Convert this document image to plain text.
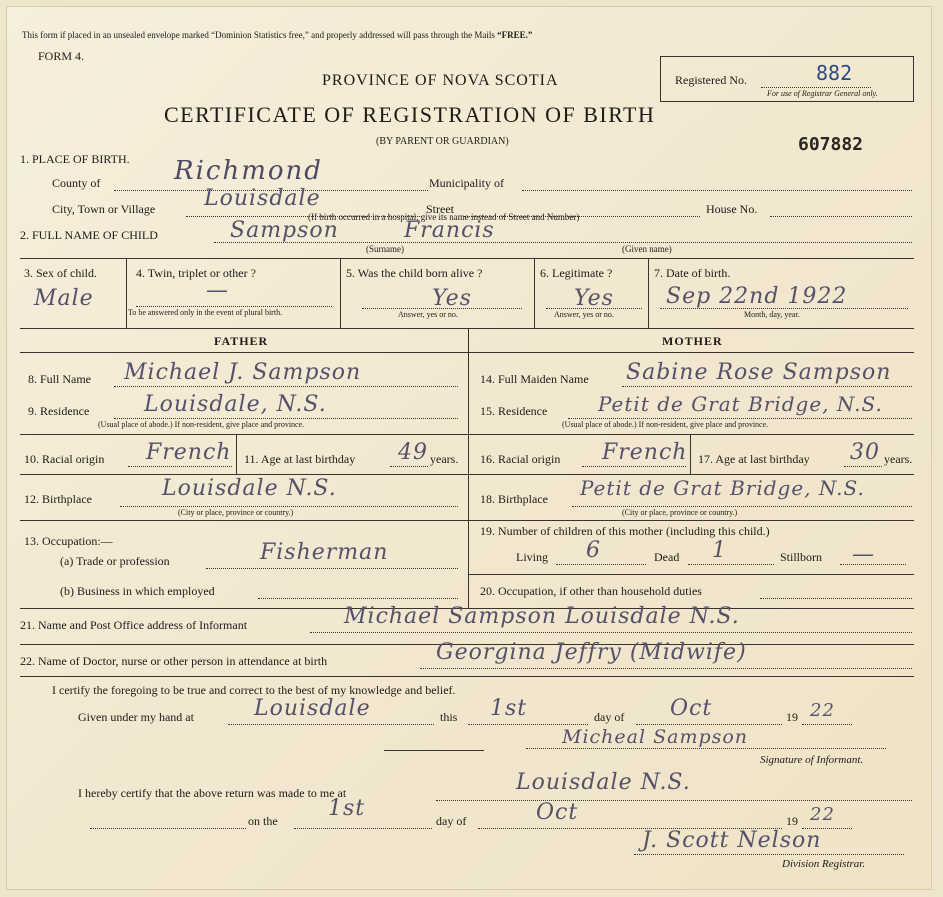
This form if placed in an unsealed envelope marked “Dominion Statistics free,” and properly addressed will pass through the Mails “FREE.”
FORM 4.
PROVINCE OF NOVA SCOTIA
CERTIFICATE OF REGISTRATION OF BIRTH
(BY PARENT OR GUARDIAN)
Registered No.	882
For use of Registrar General only.
607882
1. PLACE OF BIRTH.
County of	Richmond	Municipality of
City, Town or Village Louisdale	Street	House No.
(If birth occurred in a hospital, give its name instead of Street and Number)
2. FULL NAME OF CHILD	Sampson	Francis
(Surname)	(Given name)
3. Sex of child.
Male
4. Twin, triplet or other ?
—
To be answered only in the event of plural birth.
5. Was the child born alive ?
Yes
Answer, yes or no.
6. Legitimate ?
Yes
Answer, yes or no.
7. Date of birth.
Sep 22nd 1922
Month, day, year.
FATHER	MOTHER
8. Full Name Michael J. Sampson
9. Residence Louisdale, N.S.
(Usual place of abode.) If non-resident, give place and province.
10. Racial origin French 11. Age at last birthday 49 years.
12. Birthplace	Louisdale N.S.
(City or place, province or country.)
13. Occupation:—
(a) Trade or profession	Fisherman
(b) Business in which employed
14. Full Maiden Name Sabine Rose Sampson
15. Residence	Petit de Grat Bridge, N.S.
(Usual place of abode.) If non-resident, give place and province.
16. Racial origin French 17. Age at last birthday 30 years.
18. Birthplace Petit de Grat Bridge, N.S.
(City or place, province or country.)
19. Number of children of this mother (including this child.)
Living 6	Dead 1	Stillborn —
20. Occupation, if other than household duties
21. Name and Post Office address of Informant	Michael Sampson Louisdale N.S.
22. Name of Doctor, nurse or other person in attendance at birth	Georgina Jeffry (Midwife)
I certify the foregoing to be true and correct to the best of my knowledge and belief.
Given under my hand at	Louisdale	this 1st	day of Oct	19 22
Micheal Sampson
Signature of Informant.
I hereby certify that the above return was made to me at	Louisdale N.S.
on the 1st	day of	Oct	19 22
J. Scott Nelson
Division Registrar.
